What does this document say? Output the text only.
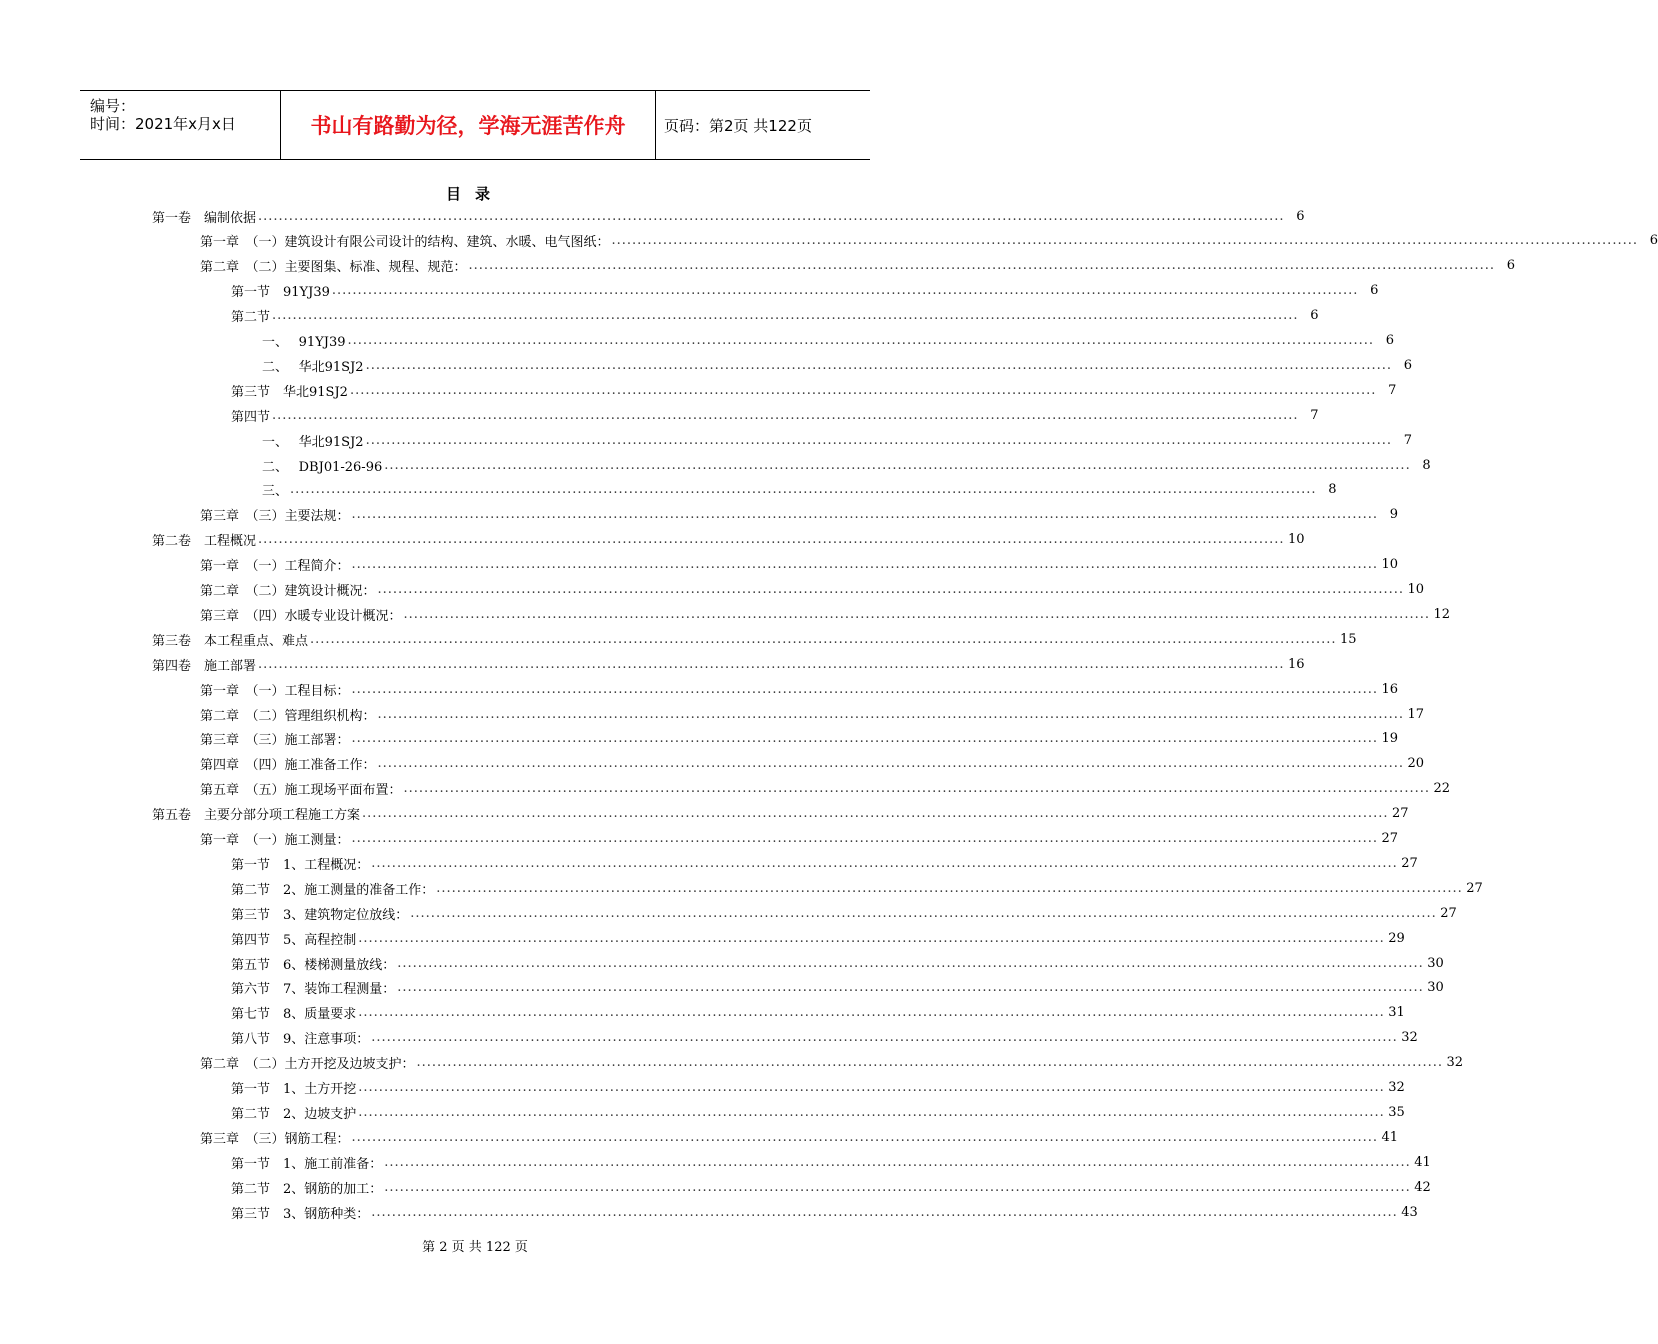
编号：
时间：2021年x月x日	书山有路勤为径，学海无涯苦作舟	页码：第2页 共122页
目录
第一卷　编制依据 ........................................................................................................................................................................................................ 6
第一章　（一）建筑设计有限公司设计的结构、建筑、水暖、电气图纸： ........................................................................................................................................................................................................ 6
第二章　（二）主要图集、标准、规程、规范： ........................................................................................................................................................................................................ 6
第一节　91YJ39 ........................................................................................................................................................................................................ 6
第二节 ........................................................................................................................................................................................................ 6
一、　 91YJ39 ........................................................................................................................................................................................................ 6
二、　 华北91SJ2 ........................................................................................................................................................................................................ 6
第三节　华北91SJ2 ........................................................................................................................................................................................................ 7
第四节 ........................................................................................................................................................................................................ 7
一、　 华北91SJ2 ........................................................................................................................................................................................................ 7
二、　 DBJ01-26-96 ........................................................................................................................................................................................................ 8
三、 ........................................................................................................................................................................................................ 8
第三章　（三）主要法规： ........................................................................................................................................................................................................ 9
第二卷　工程概况 ........................................................................................................................................................................................................ 10
第一章　（一）工程简介： ........................................................................................................................................................................................................ 10
第二章　（二）建筑设计概况： ........................................................................................................................................................................................................ 10
第三章　（四）水暖专业设计概况： ........................................................................................................................................................................................................ 12
第三卷　本工程重点、难点 ........................................................................................................................................................................................................ 15
第四卷　施工部署 ........................................................................................................................................................................................................ 16
第一章　（一）工程目标： ........................................................................................................................................................................................................ 16
第二章　（二）管理组织机构： ........................................................................................................................................................................................................ 17
第三章　（三）施工部署： ........................................................................................................................................................................................................ 19
第四章　（四）施工准备工作： ........................................................................................................................................................................................................ 20
第五章　（五）施工现场平面布置： ........................................................................................................................................................................................................ 22
第五卷　主要分部分项工程施工方案 ........................................................................................................................................................................................................ 27
第一章　（一）施工测量： ........................................................................................................................................................................................................ 27
第一节　1、工程概况： ........................................................................................................................................................................................................ 27
第二节　2、施工测量的准备工作： ........................................................................................................................................................................................................ 27
第三节　3、建筑物定位放线： ........................................................................................................................................................................................................ 27
第四节　5、高程控制 ........................................................................................................................................................................................................ 29
第五节　6、楼梯测量放线： ........................................................................................................................................................................................................ 30
第六节　7、装饰工程测量： ........................................................................................................................................................................................................ 30
第七节　8、质量要求 ........................................................................................................................................................................................................ 31
第八节　9、注意事项： ........................................................................................................................................................................................................ 32
第二章　（二）土方开挖及边坡支护： ........................................................................................................................................................................................................ 32
第一节　1、土方开挖 ........................................................................................................................................................................................................ 32
第二节　2、边坡支护 ........................................................................................................................................................................................................ 35
第三章　（三）钢筋工程： ........................................................................................................................................................................................................ 41
第一节　1、施工前准备： ........................................................................................................................................................................................................ 41
第二节　2、钢筋的加工： ........................................................................................................................................................................................................ 42
第三节　3、钢筋种类： ........................................................................................................................................................................................................ 43
第 2 页 共 122 页
